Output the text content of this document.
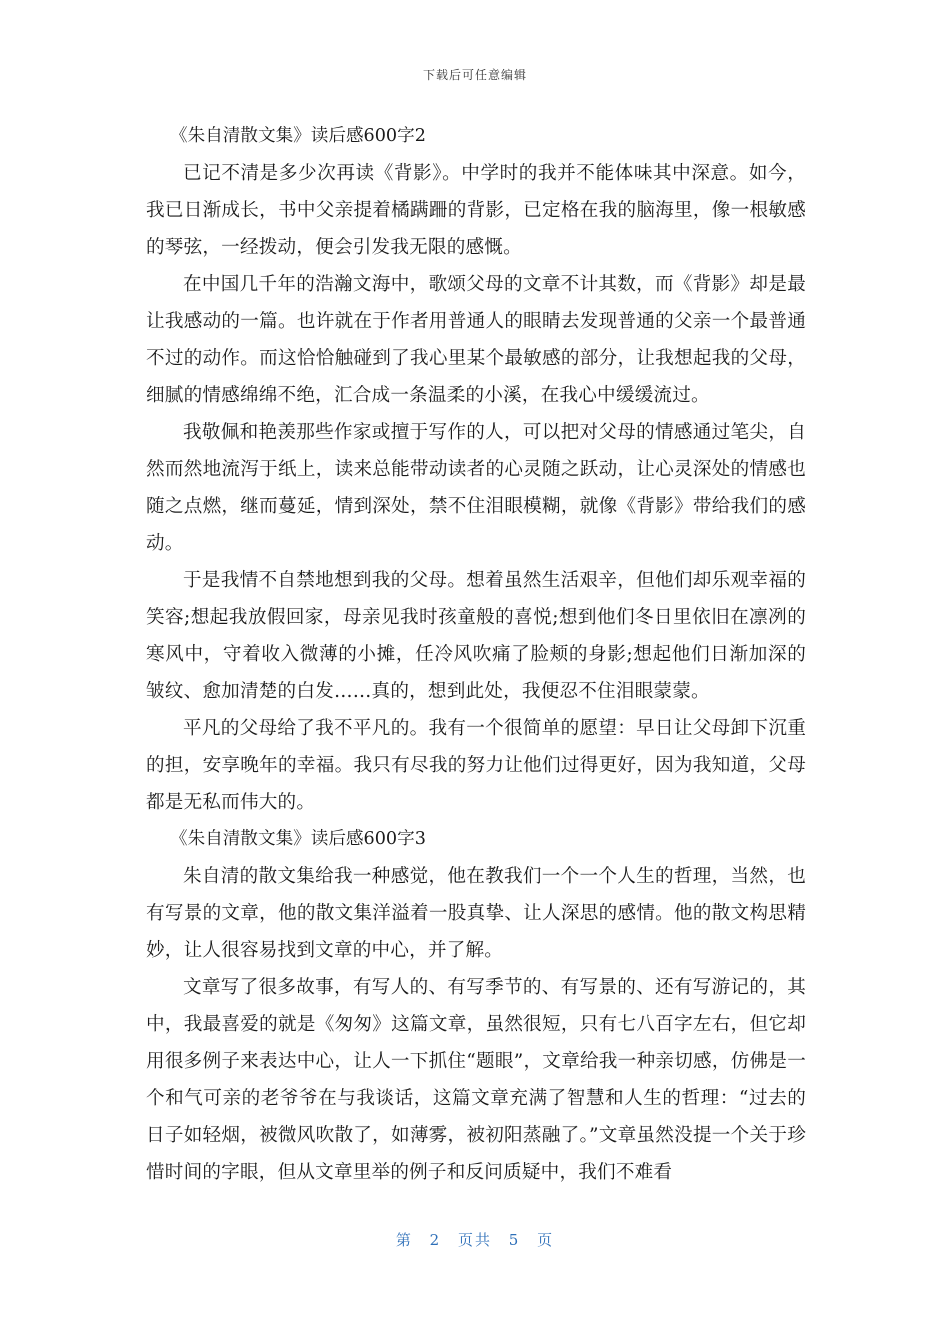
下载后可任意编辑

《朱自清散文集》读后感600字2

已记不清是多少次再读《背影》。中学时的我并不能体味其中深意。如今，我已日渐成长，书中父亲提着橘蹒跚的背影，已定格在我的脑海里，像一根敏感的琴弦，一经拨动，便会引发我无限的感慨。

在中国几千年的浩瀚文海中，歌颂父母的文章不计其数，而《背影》却是最让我感动的一篇。也许就在于作者用普通人的眼睛去发现普通的父亲一个最普通不过的动作。而这恰恰触碰到了我心里某个最敏感的部分，让我想起我的父母，细腻的情感绵绵不绝，汇合成一条温柔的小溪，在我心中缓缓流过。

我敬佩和艳羡那些作家或擅于写作的人，可以把对父母的情感通过笔尖，自然而然地流泻于纸上，读来总能带动读者的心灵随之跃动，让心灵深处的情感也随之点燃，继而蔓延，情到深处，禁不住泪眼模糊，就像《背影》带给我们的感动。

于是我情不自禁地想到我的父母。想着虽然生活艰辛，但他们却乐观幸福的笑容;想起我放假回家，母亲见我时孩童般的喜悦;想到他们冬日里依旧在凛冽的寒风中，守着收入微薄的小摊，任冷风吹痛了脸颊的身影;想起他们日渐加深的皱纹、愈加清楚的白发……真的，想到此处，我便忍不住泪眼蒙蒙。

平凡的父母给了我不平凡的。我有一个很简单的愿望：早日让父母卸下沉重的担，安享晚年的幸福。我只有尽我的努力让他们过得更好，因为我知道，父母都是无私而伟大的。

《朱自清散文集》读后感600字3

朱自清的散文集给我一种感觉，他在教我们一个一个人生的哲理，当然，也有写景的文章，他的散文集洋溢着一股真挚、让人深思的感情。他的散文构思精妙，让人很容易找到文章的中心，并了解。

文章写了很多故事，有写人的、有写季节的、有写景的、还有写游记的，其中，我最喜爱的就是《匆匆》这篇文章，虽然很短，只有七八百字左右，但它却用很多例子来表达中心，让人一下抓住“题眼”，文章给我一种亲切感，仿佛是一个和气可亲的老爷爷在与我谈话，这篇文章充满了智慧和人生的哲理：“过去的日子如轻烟，被微风吹散了，如薄雾，被初阳蒸融了。”文章虽然没提一个关于珍惜时间的字眼，但从文章里举的例子和反问质疑中，我们不难看

第 2 页共 5 页
